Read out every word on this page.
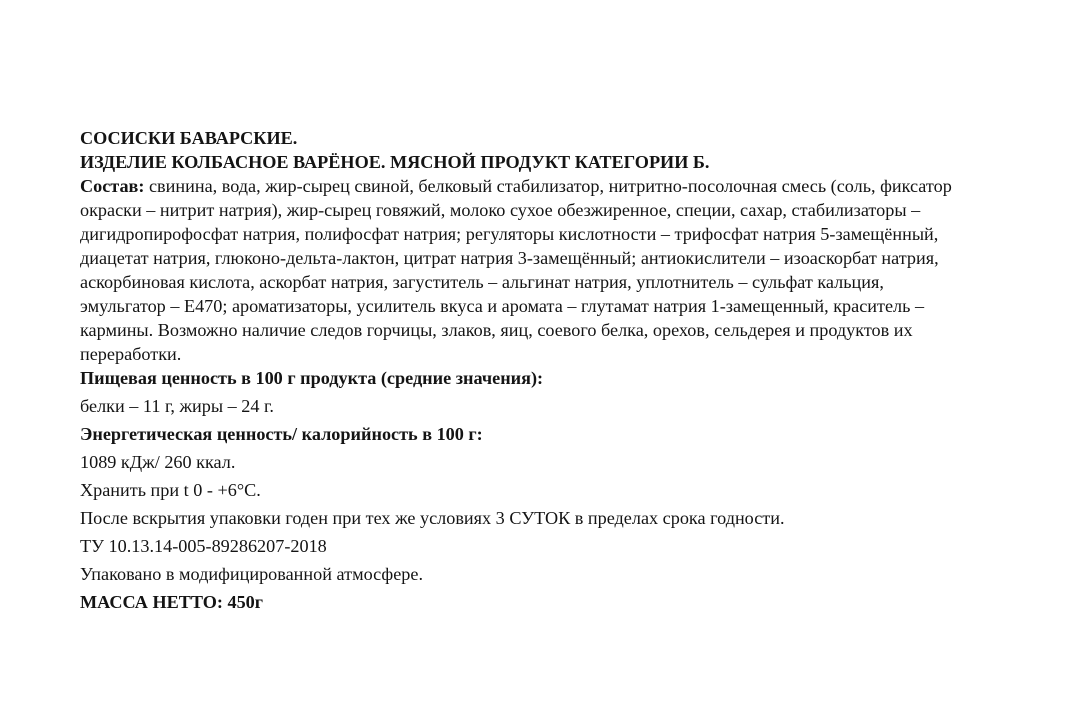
СОСИСКИ БАВАРСКИЕ.
ИЗДЕЛИЕ КОЛБАСНОЕ ВАРЁНОЕ. МЯСНОЙ ПРОДУКТ КАТЕГОРИИ Б.
Состав: свинина, вода, жир-сырец свиной, белковый стабилизатор, нитритно-посолочная смесь (соль, фиксатор
окраски – нитрит натрия), жир-сырец говяжий, молоко сухое обезжиренное, специи, сахар, стабилизаторы –
дигидропирофосфат натрия, полифосфат натрия; регуляторы кислотности – трифосфат натрия 5-замещённый,
диацетат натрия, глюконо-дельта-лактон, цитрат натрия 3-замещённый; антиокислители – изоаскорбат натрия,
аскорбиновая кислота, аскорбат натрия, загуститель – альгинат натрия, уплотнитель – сульфат кальция,
эмульгатор – Е470; ароматизаторы, усилитель вкуса и аромата – глутамат натрия 1-замещенный, краситель –
кармины. Возможно наличие следов горчицы, злаков, яиц, соевого белка, орехов, сельдерея и продуктов их
переработки.
Пищевая ценность в 100 г продукта (средние значения):
белки – 11 г, жиры – 24 г.
Энергетическая ценность/ калорийность в 100 г:
1089 кДж/ 260 ккал.
Хранить при t 0 - +6°С.
После вскрытия упаковки годен при тех же условиях 3 СУТОК в пределах срока годности.
ТУ 10.13.14-005-89286207-2018
Упаковано в модифицированной атмосфере.
МАССА НЕТТО: 450г
